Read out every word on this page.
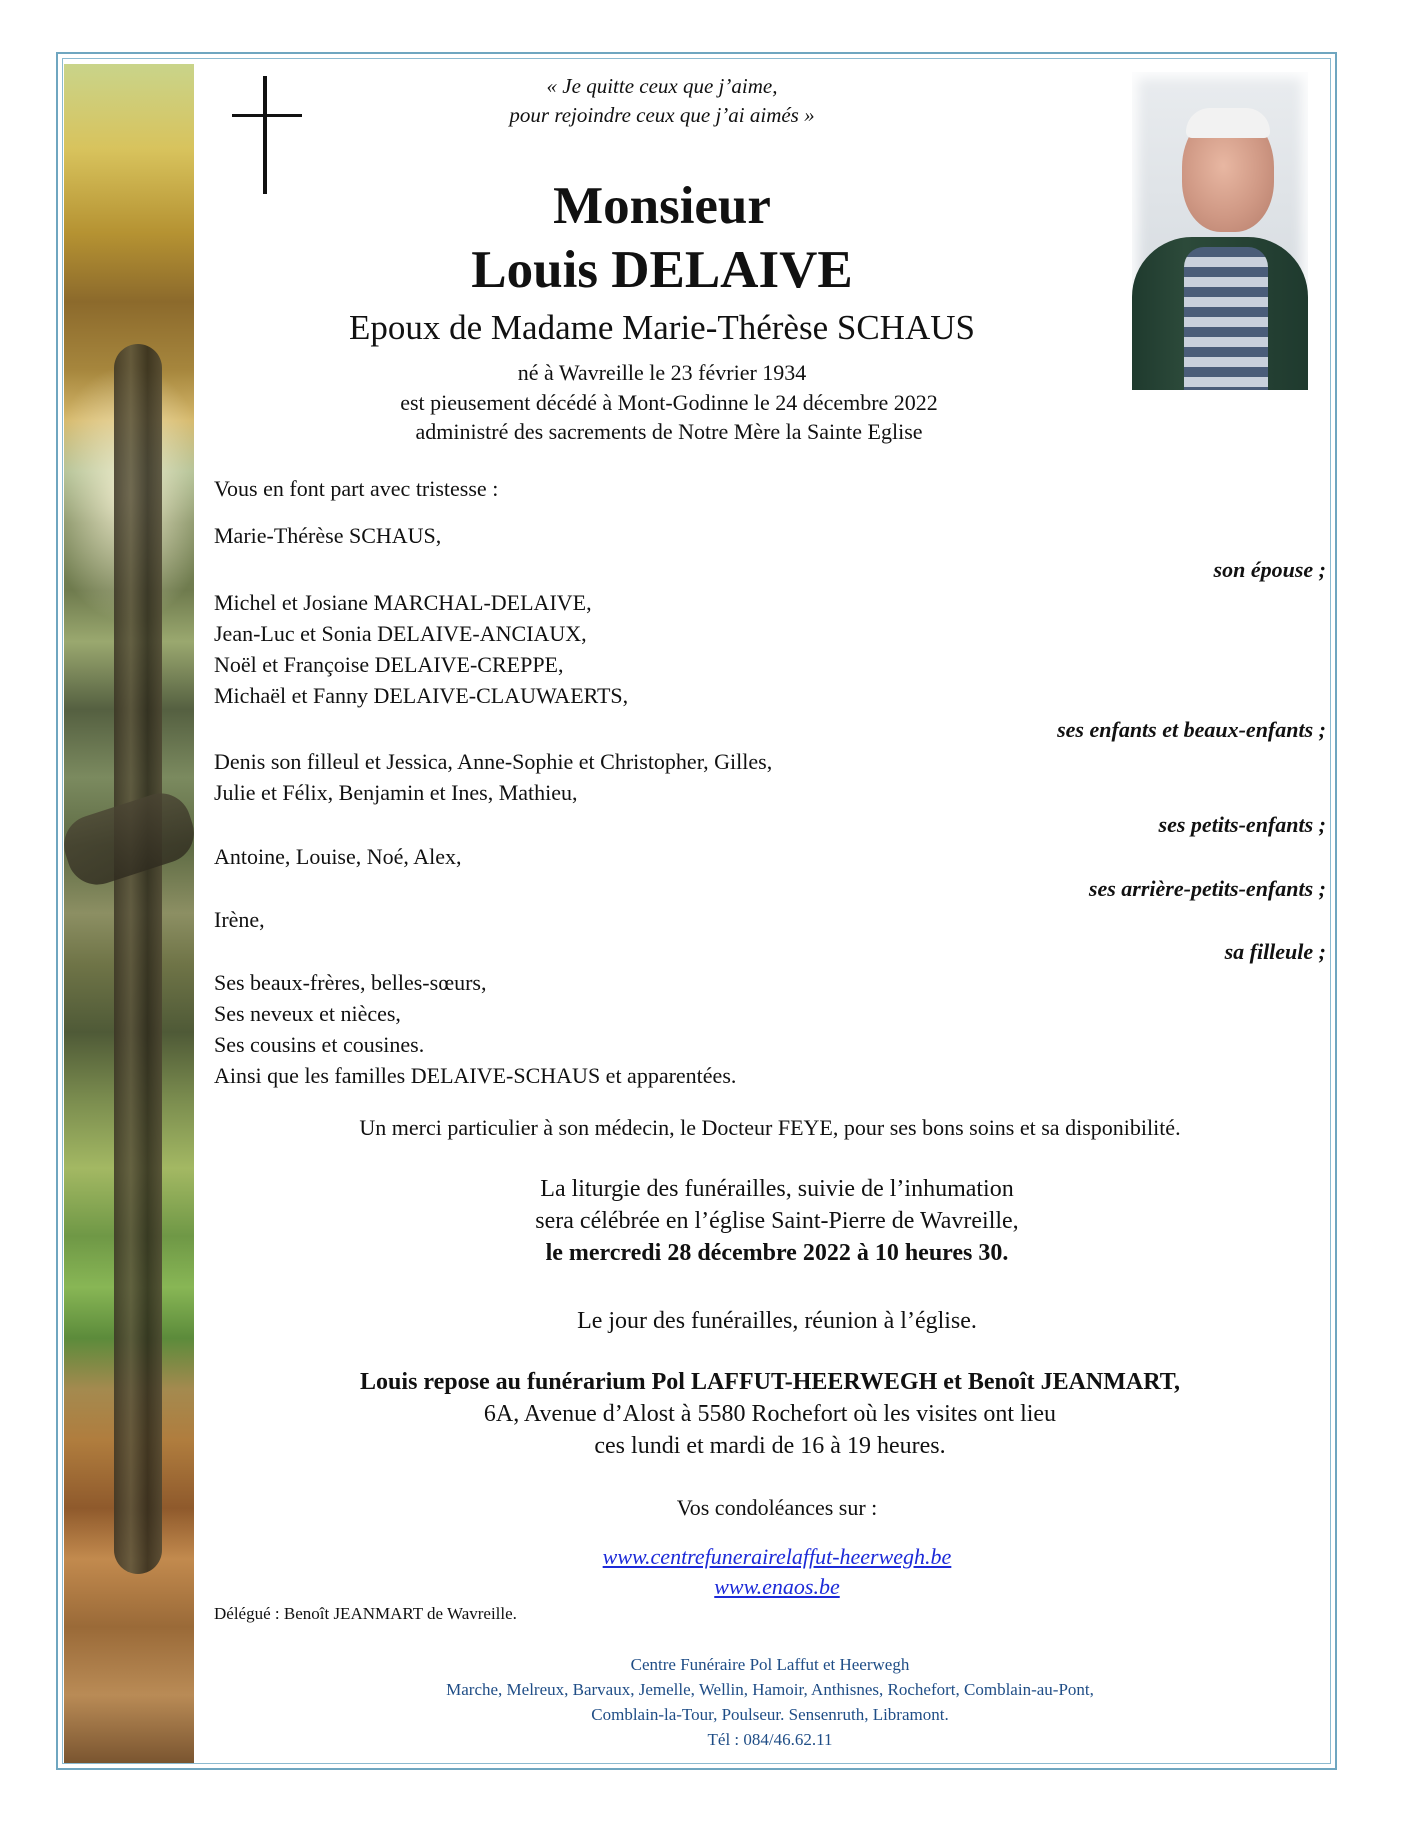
« Je quitte ceux que j’aime,
pour rejoindre ceux que j’ai aimés »
Monsieur
Louis DELAIVE
Epoux de Madame Marie-Thérèse SCHAUS
né à Wavreille le 23 février 1934
est pieusement décédé à Mont-Godinne le 24 décembre 2022
administré des sacrements de Notre Mère la Sainte Eglise
Vous en font part avec tristesse :
Marie-Thérèse SCHAUS,
son épouse ;
Michel et Josiane MARCHAL-DELAIVE,
Jean-Luc et Sonia DELAIVE-ANCIAUX,
Noël et Françoise DELAIVE-CREPPE,
Michaël et Fanny DELAIVE-CLAUWAERTS,
ses enfants et beaux-enfants ;
Denis son filleul et Jessica, Anne-Sophie et Christopher, Gilles,
Julie et Félix, Benjamin et Ines, Mathieu,
ses petits-enfants ;
Antoine, Louise, Noé, Alex,
ses arrière-petits-enfants ;
Irène,
sa filleule ;
Ses beaux-frères, belles-sœurs,
Ses neveux et nièces,
Ses cousins et cousines.
Ainsi que les familles DELAIVE-SCHAUS et apparentées.
Un merci particulier à son médecin, le Docteur FEYE, pour ses bons soins et sa disponibilité.
La liturgie des funérailles, suivie de l’inhumation
sera célébrée en l’église Saint-Pierre de Wavreille,
le mercredi 28 décembre 2022 à 10 heures 30.
Le jour des funérailles, réunion à l’église.
Louis repose au funérarium Pol LAFFUT-HEERWEGH et Benoît JEANMART,
6A, Avenue d’Alost à 5580 Rochefort où les visites ont lieu
ces lundi et mardi de 16 à 19 heures.
Vos condoléances sur :
www.centrefunerairelaffut-heerwegh.be
www.enaos.be
Délégué : Benoît JEANMART de Wavreille.
Centre Funéraire Pol Laffut et Heerwegh
Marche, Melreux, Barvaux, Jemelle, Wellin, Hamoir, Anthisnes, Rochefort, Comblain-au-Pont,
Comblain-la-Tour, Poulseur. Sensenruth, Libramont.
Tél : 084/46.62.11
